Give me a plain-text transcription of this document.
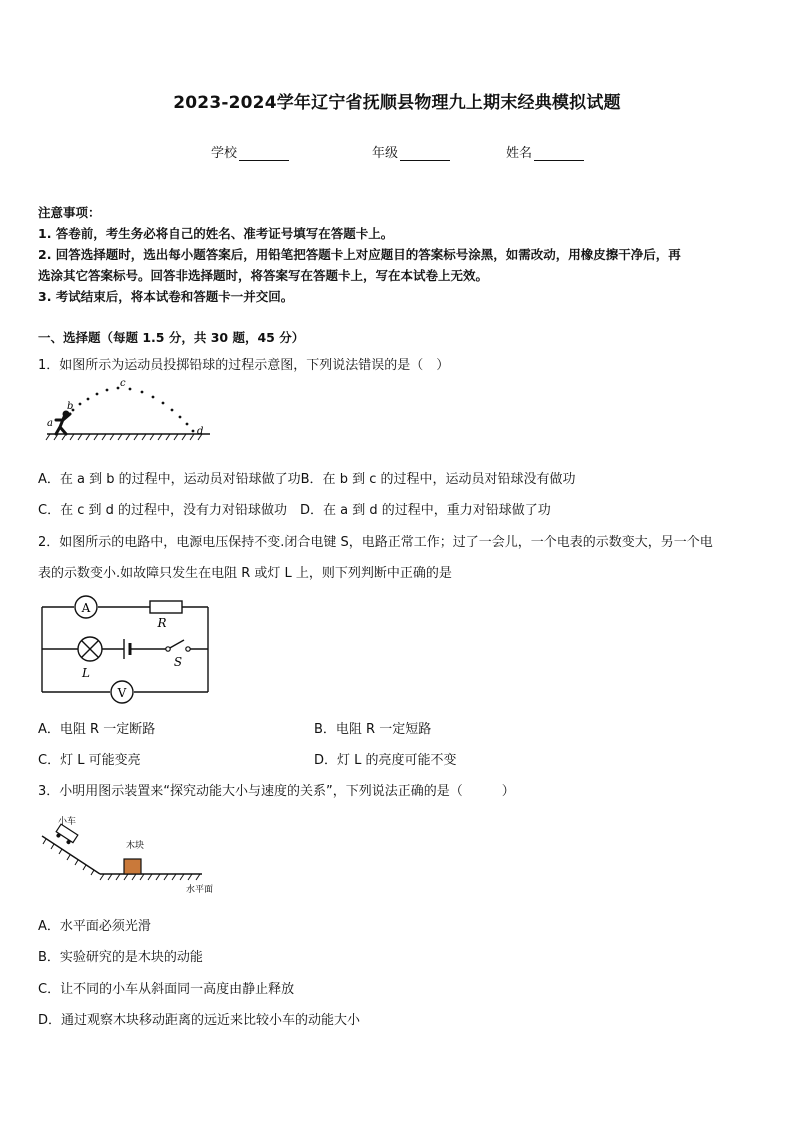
2023-2024学年辽宁省抚顺县物理九上期末经典模拟试题
学校	年级	姓名
注意事项：
1. 答卷前，考生务必将自己的姓名、准考证号填写在答题卡上。
2. 回答选择题时，选出每小题答案后，用铅笔把答题卡上对应题目的答案标号涂黑，如需改动，用橡皮擦干净后，再
选涂其它答案标号。回答非选择题时，将答案写在答题卡上，写在本试卷上无效。
3. 考试结束后，将本试卷和答题卡一并交回。
一、选择题（每题 1.5 分，共 30 题，45 分）
1．如图所示为运动员投掷铅球的过程示意图，下列说法错误的是（　）
a
b
c
d
A．在 a 到 b 的过程中，运动员对铅球做了功B．在 b 到 c 的过程中，运动员对铅球没有做功
C．在 c 到 d 的过程中，没有力对铅球做功　D．在 a 到 d 的过程中，重力对铅球做了功
2．如图所示的电路中，电源电压保持不变.闭合电键 S，电路正常工作；过了一会儿，一个电表的示数变大，另一个电
表的示数变小.如故障只发生在电阻 R 或灯 L 上，则下列判断中正确的是
A
V
R
L
S
A．电阻 R 一定断路	B．电阻 R 一定短路
C．灯 L 可能变亮	D．灯 L 的亮度可能不变
3．小明用图示装置来“探究动能大小与速度的关系”，下列说法正确的是（　　　）
小车
木块
水平面
A．水平面必须光滑
B．实验研究的是木块的动能
C．让不同的小车从斜面同一高度由静止释放
D．通过观察木块移动距离的远近来比较小车的动能大小
